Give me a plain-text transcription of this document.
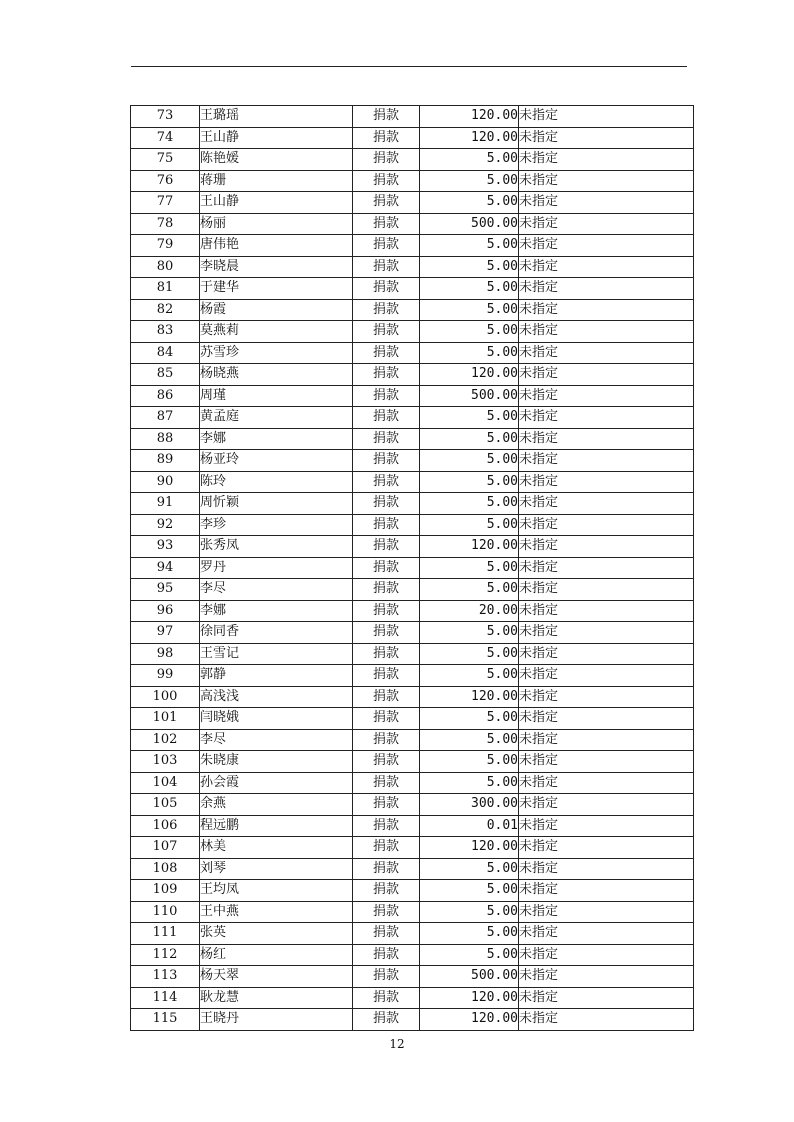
73	王璐瑶	捐款	120.00	未指定
74	王山静	捐款	120.00	未指定
75	陈艳媛	捐款	5.00	未指定
76	蒋珊	捐款	5.00	未指定
77	王山静	捐款	5.00	未指定
78	杨丽	捐款	500.00	未指定
79	唐伟艳	捐款	5.00	未指定
80	李晓晨	捐款	5.00	未指定
81	于建华	捐款	5.00	未指定
82	杨霞	捐款	5.00	未指定
83	莫燕莉	捐款	5.00	未指定
84	苏雪珍	捐款	5.00	未指定
85	杨晓燕	捐款	120.00	未指定
86	周瑾	捐款	500.00	未指定
87	黄孟庭	捐款	5.00	未指定
88	李娜	捐款	5.00	未指定
89	杨亚玲	捐款	5.00	未指定
90	陈玲	捐款	5.00	未指定
91	周忻颖	捐款	5.00	未指定
92	李珍	捐款	5.00	未指定
93	张秀凤	捐款	120.00	未指定
94	罗丹	捐款	5.00	未指定
95	李尽	捐款	5.00	未指定
96	李娜	捐款	20.00	未指定
97	徐同香	捐款	5.00	未指定
98	王雪记	捐款	5.00	未指定
99	郭静	捐款	5.00	未指定
100	高浅浅	捐款	120.00	未指定
101	闫晓娥	捐款	5.00	未指定
102	李尽	捐款	5.00	未指定
103	朱晓康	捐款	5.00	未指定
104	孙会霞	捐款	5.00	未指定
105	余燕	捐款	300.00	未指定
106	程远鹏	捐款	0.01	未指定
107	林美	捐款	120.00	未指定
108	刘琴	捐款	5.00	未指定
109	王均凤	捐款	5.00	未指定
110	王中燕	捐款	5.00	未指定
111	张英	捐款	5.00	未指定
112	杨红	捐款	5.00	未指定
113	杨天翠	捐款	500.00	未指定
114	耿龙慧	捐款	120.00	未指定
115	王晓丹	捐款	120.00	未指定
12
